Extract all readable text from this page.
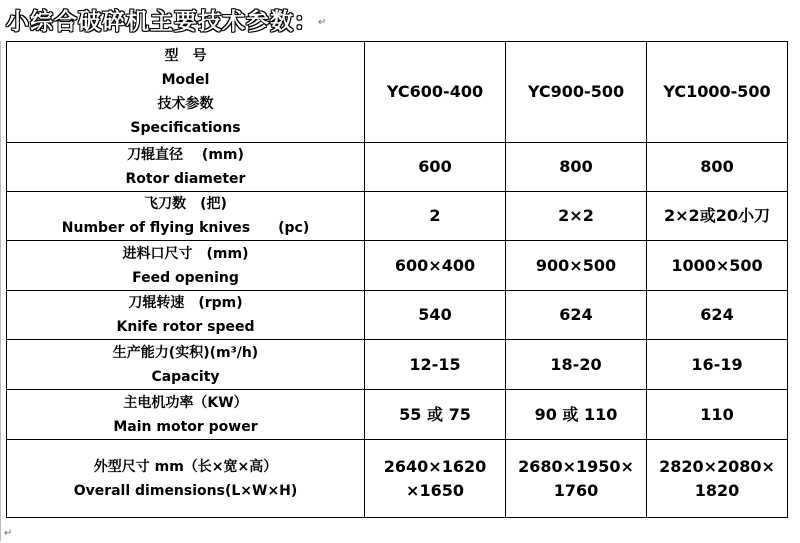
小综合破碎机主要技术参数：↵
型　号
Model
技术参数
Specifications	YC600-400	YC900-500	YC1000-500

刀辊直径　 (mm)
Rotor diameter	600	800	800

飞刀数　(把)
Number of flying knives　　(pc)	2	2×2	2×2或20小刀

进料口尺寸　(mm)
Feed opening	600×400	900×500	1000×500

刀辊转速　(rpm)
Knife rotor speed	540	624	624

生产能力(实积)(m³/h)
Capacity	12-15	18-20	16-19

主电机功率（KW）
Main motor power	55 或 75	90 或 110	110

外型尺寸 mm（长×宽×高）
Overall dimensions(L×W×H)	2640×1620 ×1650	2680×1950× 1760	2820×2080× 1820
↵
